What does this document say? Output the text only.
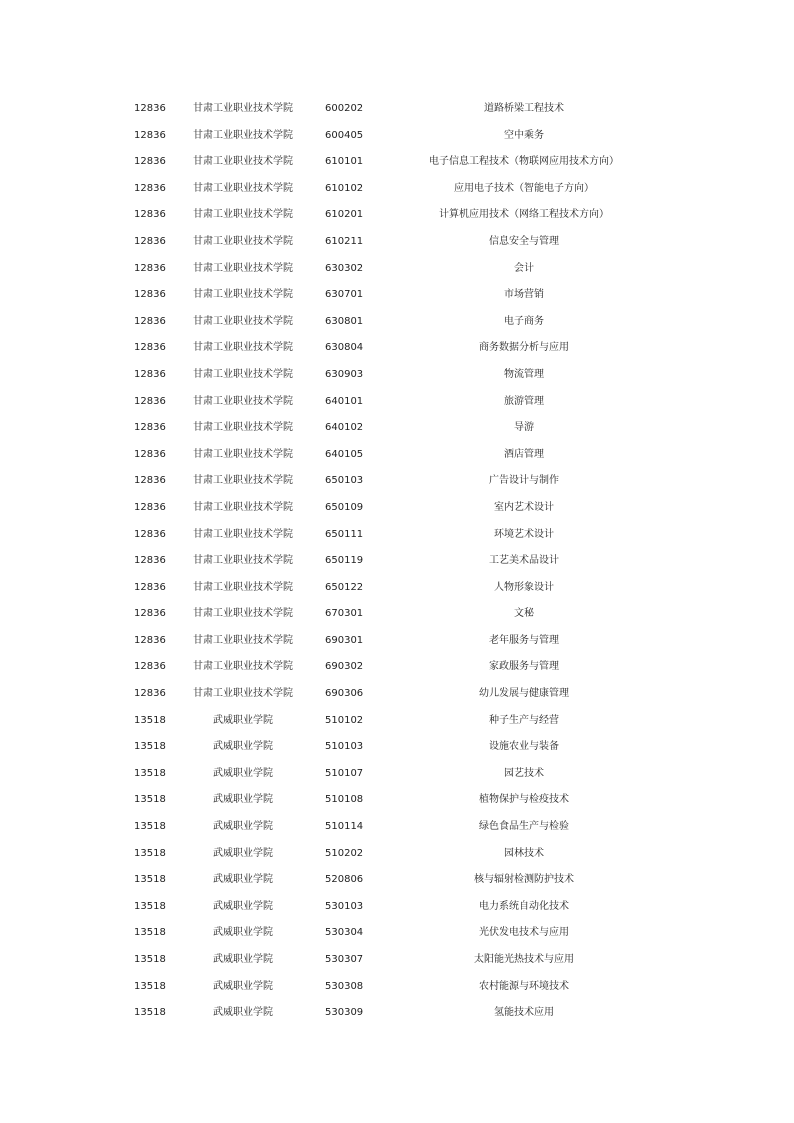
12836	甘肃工业职业技术学院	600202	道路桥梁工程技术
12836	甘肃工业职业技术学院	600405	空中乘务
12836	甘肃工业职业技术学院	610101	电子信息工程技术（物联网应用技术方向）
12836	甘肃工业职业技术学院	610102	应用电子技术（智能电子方向）
12836	甘肃工业职业技术学院	610201	计算机应用技术（网络工程技术方向）
12836	甘肃工业职业技术学院	610211	信息安全与管理
12836	甘肃工业职业技术学院	630302	会计
12836	甘肃工业职业技术学院	630701	市场营销
12836	甘肃工业职业技术学院	630801	电子商务
12836	甘肃工业职业技术学院	630804	商务数据分析与应用
12836	甘肃工业职业技术学院	630903	物流管理
12836	甘肃工业职业技术学院	640101	旅游管理
12836	甘肃工业职业技术学院	640102	导游
12836	甘肃工业职业技术学院	640105	酒店管理
12836	甘肃工业职业技术学院	650103	广告设计与制作
12836	甘肃工业职业技术学院	650109	室内艺术设计
12836	甘肃工业职业技术学院	650111	环境艺术设计
12836	甘肃工业职业技术学院	650119	工艺美术品设计
12836	甘肃工业职业技术学院	650122	人物形象设计
12836	甘肃工业职业技术学院	670301	文秘
12836	甘肃工业职业技术学院	690301	老年服务与管理
12836	甘肃工业职业技术学院	690302	家政服务与管理
12836	甘肃工业职业技术学院	690306	幼儿发展与健康管理
13518	武威职业学院	510102	种子生产与经营
13518	武威职业学院	510103	设施农业与装备
13518	武威职业学院	510107	园艺技术
13518	武威职业学院	510108	植物保护与检疫技术
13518	武威职业学院	510114	绿色食品生产与检验
13518	武威职业学院	510202	园林技术
13518	武威职业学院	520806	核与辐射检测防护技术
13518	武威职业学院	530103	电力系统自动化技术
13518	武威职业学院	530304	光伏发电技术与应用
13518	武威职业学院	530307	太阳能光热技术与应用
13518	武威职业学院	530308	农村能源与环境技术
13518	武威职业学院	530309	氢能技术应用
